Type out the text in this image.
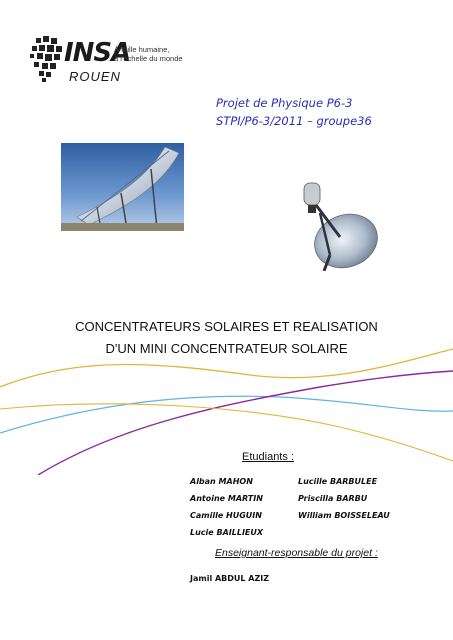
INSA
ROUEN
À taille humaine,
à l'échelle du monde
Projet de Physique P6-3
STPI/P6-3/2011 – groupe36
CONCENTRATEURS SOLAIRES ET REALISATION
D'UN MINI CONCENTRATEUR SOLAIRE
Etudiants :
Alban MAHON
Antoine MARTIN
Camille HUGUIN
Lucie BAILLIEUX
Lucille BARBULEE
Priscilla BARBU
William BOISSELEAU
Enseignant-responsable du projet :
Jamil ABDUL AZIZ
